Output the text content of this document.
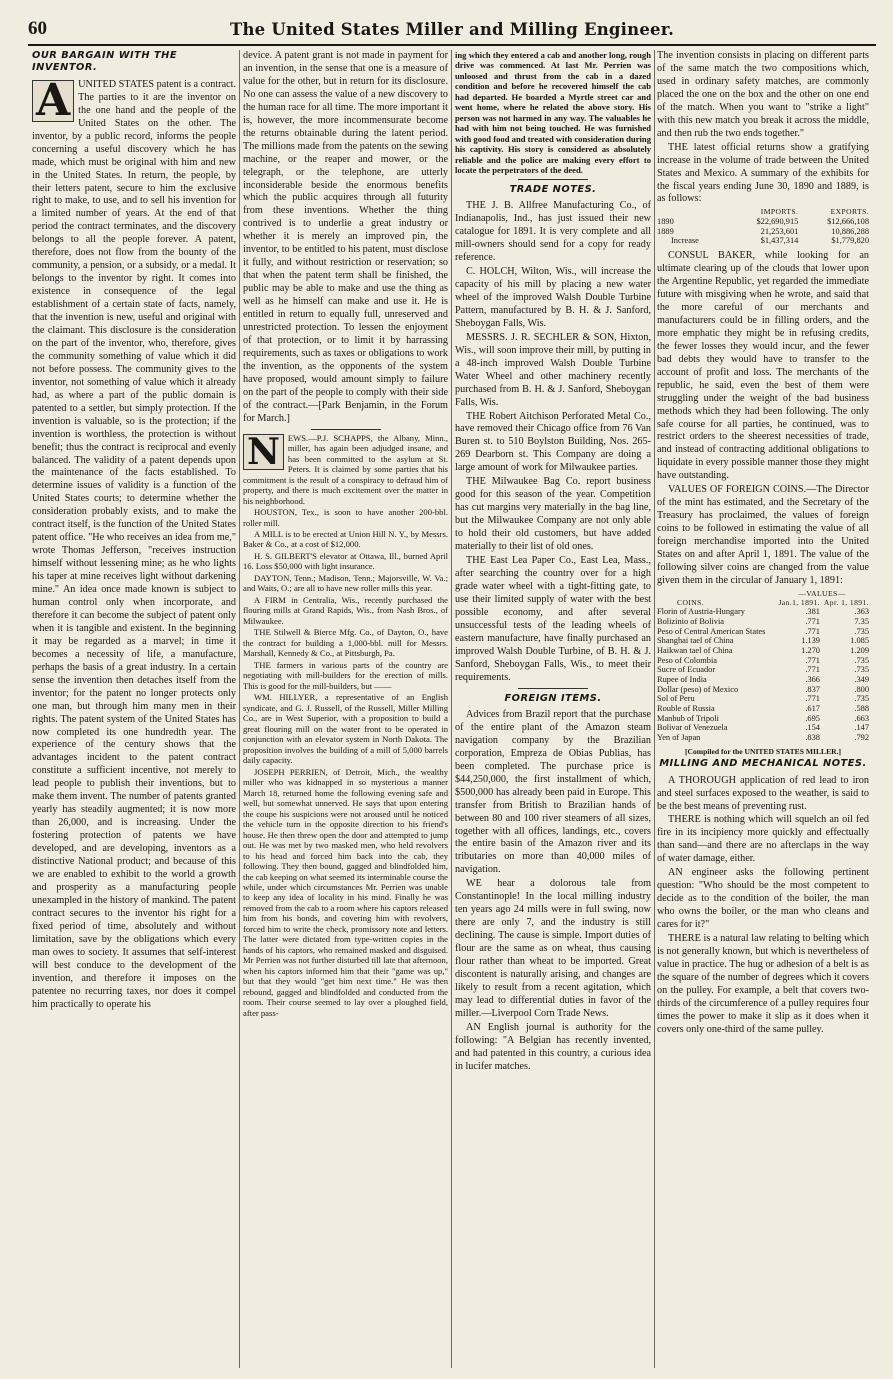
60	The United States Miller and Milling Engineer.
OUR BARGAIN WITH THE INVENTOR.

A UNITED STATES patent is a contract. The parties to it are the inventor on the one hand and the people of the United States on the other. The inventor, by a public record, informs the people concerning a useful discovery which he has made, which must be original with him and new in the United States. In return, the people, by their letters patent, secure to him the exclusive right to make, to use, and to sell his invention for a limited number of years. At the end of that period the contract terminates, and the discovery belongs to all the people forever. A patent, therefore, does not flow from the bounty of the community, a pension, or a subsidy, or a medal. It belongs to the inventor by right. It comes into existence in consequence of the legal establishment of a certain state of facts, namely, that the invention is new, useful and original with the claimant. This disclosure is the consideration on the part of the inventor, who, therefore, gives the community something of value which it did not before possess. The community gives to the inventor, not something of value which it already had, as where a part of the public domain is patented to a settler, but simply protection. If the invention is valuable, so is the protection; if the invention is worthless, the protection is without benefit; thus the contract is reciprocal and evenly balanced. The validity of a patent depends upon the maintenance of the facts established. To determine issues of validity is a function of the United States courts; to determine whether the consideration probably exists, and to make the contract itself, is the function of the United States patent office. "He who receives an idea from me," wrote Thomas Jefferson, "receives instruction himself without lessening mine; as he who lights his taper at mine receives light without darkening mine." An idea once made known is subject to human control only when incorporate, and therefore it can become the subject of patent only when it is tangible and existent. In the beginning it may be regarded as a marvel; in time it becomes a necessity of life, a manufacture, perhaps the basis of a great industry. In a certain sense the invention then detaches itself from the inventor; for the patent no longer protects only one man, but through him many men in their rights. The patent system of the United States has now completed its one hundredth year. The experience of the century shows that the advantages incident to the patent contract constitute a sufficient incentive, not merely to lead people to publish their inventions, but to make them invent. The number of patents granted yearly has steadily augmented; it is now more than 26,000, and is increasing. Under the fostering protection of patents we have developed, and are developing, inventors as a distinctive National product; and because of this we are enabled to exhibit to the world a growth and prosperity as a manufacturing people unexampled in the history of mankind. The patent contract secures to the inventor his right for a fixed period of time, absolutely and without limitation, save by the obligations which every man owes to society. It assumes that self-interest will best conduce to the development of the invention, and therefore it imposes on the patentee no recurring taxes, nor does it compel him practically to operate his

device. A patent grant is not made in payment for an invention, in the sense that one is a measure of value for the other, but in return for its disclosure. No one can assess the value of a new discovery to the human race for all time. The more important it is, however, the more incommensurate become the returns obtainable during the latent period. The millions made from the patents on the sewing machine, or the reaper and mower, or the telegraph, or the telephone, are utterly inconsiderable beside the enormous benefits which the public acquires through all futurity from these inventions. Whether the thing contrived is to underlie a great industry or whether it is merely an improved pin, the inventor, to be entitled to his patent, must disclose it fully, and without restriction or reservation; so that when the patent term shall be finished, the public may be able to make and use the thing as well as he himself can make and use it. He is entitled in return to equally full, unreserved and unrestricted protection. To lessen the enjoyment of that protection, or to limit it by harrassing requirements, such as taxes or obligations to work the invention, as the opponents of the system have proposed, would amount simply to failure on the part of the people to comply with their side of the contract.—[Park Benjamin, in the Forum for March.]

N EWS.—P.J. SCHAPPS, the Albany, Minn., miller, has again been adjudged insane, and has been committed to the asylum at St. Peters. It is claimed by some parties that his commitment is the result of a conspiracy to defraud him of property, and there is much excitement over the matter in his neighborhood.

HOUSTON, Tex., is soon to have another 200-bbl. roller mill.

A MILL is to be erected at Union Hill N. Y., by Messrs. Baker & Co., at a cost of $12,000.

H. S. GILBERT'S elevator at Ottawa, Ill., burned April 16. Loss $50,000 with light insurance.

DAYTON, Tenn.; Madison, Tenn.; Majorsville, W. Va.; and Waits, O.; are all to have new roller mills this year.

A FIRM in Centralia, Wis., recently purchased the flouring mills at Grand Rapids, Wis., from Nash Bros., of Milwaukee.

THE Stilwell & Bierce Mfg. Co., of Dayton, O., have the contract for building a 1,000-bbl. mill for Messrs. Marshall, Kennedy & Co., at Pittsburgh, Pa.

THE farmers in various parts of the country are negotiating with mill-builders for the erection of mills. This is good for the mill-builders, but ——

WM. HILLYER, a representative of an English syndicate, and G. J. Russell, of the Russell, Miller Milling Co., are in West Superior, with a proposition to build a great flouring mill on the water front to be operated in conjunction with an elevator system in North Dakota. The proposition involves the building of a mill of 5,000 barrels daily capacity.

JOSEPH PERRIEN, of Detroit, Mich., the wealthy miller who was kidnapped in so mysterious a manner March 18, returned home the following evening safe and well, but somewhat unnerved. He says that upon entering the coupe his suspicions were not aroused until he noticed the vehicle turn in the opposite direction to his friend's house. He then threw open the door and attempted to jump out. He was met by two masked men, who held revolvers to his head and forced him back into the cab, they following. They then bound, gagged and blindfolded him, the cab keeping on what seemed its interminable course the while, under which circumstances Mr. Perrien was unable to keep any idea of locality in his mind. Finally he was removed from the cab to a room where his captors released him from his bonds, and covering him with revolvers, forced him to write the check, promissory note and letters. The latter were dictated from type-written copies in the hands of his captors, who remained masked and disguised. Mr Perrien was not further disturbed till late that afternoon, when his captors informed him that their "game was up," but that they would "get him next time." He was then rebound, gagged and blindfolded and conducted from the room. Their course seemed to lay over a ploughed field, after pass-

ing which they entered a cab and another long, rough drive was commenced. At last Mr. Perrien was unloosed and thrust from the cab in a dazed condition and before he recovered himself the cab had departed. He boarded a Myrtle street car and went home, where he related the above story. His person was not harmed in any way. The valuables he had with him not being touched. He was furnished with good food and treated with consideration during his captivity. His story is considered as absolutely reliable and the police are making every effort to locate the perpetrators of the deed.

TRADE NOTES.

THE J. B. Allfree Manufacturing Co., of Indianapolis, Ind., has just issued their new catalogue for 1891. It is very complete and all mill-owners should send for a copy for ready reference.

C. HOLCH, Wilton, Wis., will increase the capacity of his mill by placing a new water wheel of the improved Walsh Double Turbine Pattern, manufactured by B. H. & J. Sanford, Sheboygan Falls, Wis.

MESSRS. J. R. SECHLER & SON, Hixton, Wis., will soon improve their mill, by putting in a 48-inch improved Walsh Double Turbine Water Wheel and other machinery recently purchased from B. H. & J. Sanford, Sheboygan Falls, Wis.

THE Robert Aitchison Perforated Metal Co., have removed their Chicago office from 76 Van Buren st. to 510 Boylston Building, Nos. 265-269 Dearborn st. This Company are doing a large amount of work for Milwaukee parties.

THE Milwaukee Bag Co. report business good for this season of the year. Competition has cut margins very materially in the bag line, but the Milwaukee Company are not only able to hold their old customers, but have added materially to their list of old ones.

THE East Lea Paper Co., East Lea, Mass., after searching the country over for a high grade water wheel with a tight-fitting gate, to use their limited supply of water with the best possible economy, and after several unsuccessful tests of the leading wheels of eastern manufacture, have finally purchased an improved Walsh Double Turbine, of B. H. & J. Sanford, Sheboygan Falls, Wis., to meet their requirements.

FOREIGN ITEMS.

Advices from Brazil report that the purchase of the entire plant of the Amazon steam navigation company by the Brazilian corporation, Empreza de Obias Publias, has been completed. The purchase price is $44,250,000, the first installment of which, $500,000 has already been paid in Europe. This transfer from British to Brazilian hands of between 80 and 100 river steamers of all sizes, together with all offices, landings, etc., covers the entire basin of the Amazon river and its tributaries on more than 40,000 miles of navigation.

WE hear a dolorous tale from Constantinople! In the local milling industry ten years ago 24 mills were in full swing, now there are only 7, and the industry is still declining. The cause is simple. Import duties of flour are the same as on wheat, thus causing flour rather than wheat to be imported. Great discontent is naturally arising, and changes are likely to result from a recent agitation, which may lead to differential duties in favor of the miller.—Liverpool Corn Trade News.

AN English journal is authority for the following: "A Belgian has recently invented, and had patented in this country, a curious idea in lucifer matches.

The invention consists in placing on different parts of the same match the two compositions which, used in ordinary safety matches, are commonly placed the one on the box and the other on one end of the match. When you want to "strike a light" with this new match you break it across the middle, and then rub the two ends together."

THE latest official returns show a gratifying increase in the volume of trade between the United States and Mexico. A summary of the exhibits for the fiscal years ending June 30, 1890 and 1889, is as follows:

	IMPORTS.	EXPORTS.
1890	$22,690,915	$12,666,108
1889	21,253,601	10,886,288
Increase	$1,437,314	$1,779,820

CONSUL BAKER, while looking for an ultimate clearing up of the clouds that lower upon the Argentine Republic, yet regarded the immediate future with misgiving when he wrote, and said that the more careful of our merchants and manufacturers could be in filling orders, and the more emphatic they might be in refusing credits, the fewer losses they would incur, and the fewer bad debts they would have to transfer to the account of profit and loss. The merchants of the republic, he said, even the best of them were struggling under the weight of the bad business methods which they had been following. The only safe course for all parties, he continued, was to restrict orders to the sheerest necessities of trade, and instead of contracting additional obligations to liquidate in every possible manner those they might have outstanding.

VALUES OF FOREIGN COINS.—The Director of the mint has estimated, and the Secretary of the Treasury has proclaimed, the values of foreign coins to be followed in estimating the value of all foreign merchandise imported into the United States on and after April 1, 1891. The value of the following silver coins are changed from the value given them in the circular of January 1, 1891:

	—VALUES—	
COINS.	Jan.1, 1891.	Apr. 1, 1891.
Florin of Austria-Hungary	.381	.363
Bolizinio of Bolivia	.771	7.35
Peso of Central American States	.771	.735
Shanghai tael of China	1.139	1.085
Haikwan tael of China	1.270	1.209
Peso of Colombia	.771	.735
Sucre of Ecuador	.771	.735
Rupee of India	.366	.349
Dollar (peso) of Mexico	.837	.800
Sol of Peru	.771	.735
Rouble of Russia	.617	.588
Manbub of Tripoli	.695	.663
Bolivar of Venezuela	.154	.147
Yen of Japan	.838	.792
[Compiled for the UNITED STATES MILLER.]
MILLING AND MECHANICAL NOTES.

A THOROUGH application of red lead to iron and steel surfaces exposed to the weather, is said to be the best means of preventing rust.

THERE is nothing which will squelch an oil fed fire in its incipiency more quickly and effectually than sand—and there are no afterclaps in the way of water damage, either.

AN engineer asks the following pertinent question: "Who should be the most competent to decide as to the condition of the boiler, the man who owns the boiler, or the man who cleans and cares for it?"

THERE is a natural law relating to belting which is not generally known, but which is nevertheless of value in practice. The hug or adhesion of a belt is as the square of the number of degrees which it covers on the pulley. For example, a belt that covers two-thirds of the circumference of a pulley requires four times the power to make it slip as it does when it covers only one-third of the same pulley.
